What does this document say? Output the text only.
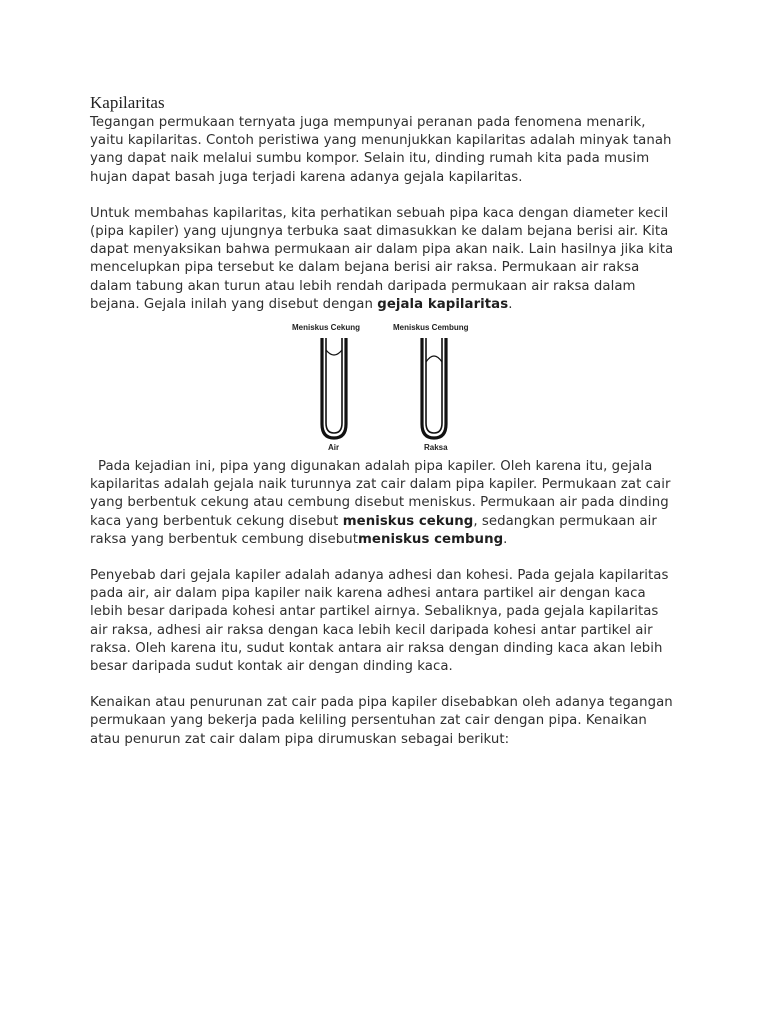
Kapilaritas

Tegangan permukaan ternyata juga mempunyai peranan pada fenomena menarik, yaitu kapilaritas. Contoh peristiwa yang menunjukkan kapilaritas adalah minyak tanah yang dapat naik melalui sumbu kompor. Selain itu, dinding rumah kita pada musim hujan dapat basah juga terjadi karena adanya gejala kapilaritas.

Untuk membahas kapilaritas, kita perhatikan sebuah pipa kaca dengan diameter kecil (pipa kapiler) yang ujungnya terbuka saat dimasukkan ke dalam bejana berisi air. Kita dapat menyaksikan bahwa permukaan air dalam pipa akan naik. Lain hasilnya jika kita mencelupkan pipa tersebut ke dalam bejana berisi air raksa. Permukaan air raksa dalam tabung akan turun atau lebih rendah daripada permukaan air raksa dalam bejana. Gejala inilah yang disebut dengan gejala kapilaritas.

Meniskus Cekung	Meniskus Cembung
Air	Raksa

Pada kejadian ini, pipa yang digunakan adalah pipa kapiler. Oleh karena itu, gejala kapilaritas adalah gejala naik turunnya zat cair dalam pipa kapiler. Permukaan zat cair yang berbentuk cekung atau cembung disebut meniskus. Permukaan air pada dinding kaca yang berbentuk cekung disebut meniskus cekung, sedangkan permukaan air raksa yang berbentuk cembung disebutmeniskus cembung.

Penyebab dari gejala kapiler adalah adanya adhesi dan kohesi. Pada gejala kapilaritas pada air, air dalam pipa kapiler naik karena adhesi antara partikel air dengan kaca lebih besar daripada kohesi antar partikel airnya. Sebaliknya, pada gejala kapilaritas air raksa, adhesi air raksa dengan kaca lebih kecil daripada kohesi antar partikel air raksa. Oleh karena itu, sudut kontak antara air raksa dengan dinding kaca akan lebih besar daripada sudut kontak air dengan dinding kaca.

Kenaikan atau penurunan zat cair pada pipa kapiler disebabkan oleh adanya tegangan permukaan yang bekerja pada keliling persentuhan zat cair dengan pipa. Kenaikan atau penurun zat cair dalam pipa dirumuskan sebagai berikut:
